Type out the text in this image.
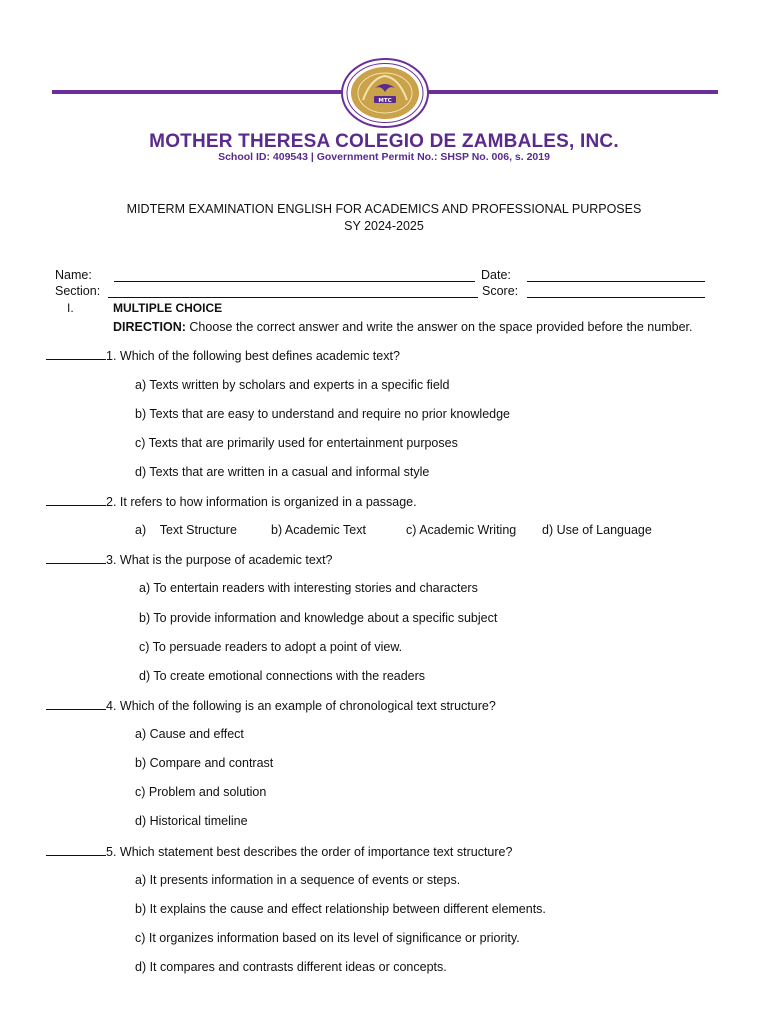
MTC
MOTHER THERESA COLEGIO DE ZAMBALES, INC.
School ID: 409543 | Government Permit No.: SHSP No. 006, s. 2019
MIDTERM EXAMINATION ENGLISH FOR ACADEMICS AND PROFESSIONAL PURPOSES
SY 2024-2025
Name:	Date:
Section:	Score:
I.	MULTIPLE CHOICE
DIRECTION: Choose the correct answer and write the answer on the space provided before the number.
1. Which of the following best defines academic text?
a) Texts written by scholars and experts in a specific field
b) Texts that are easy to understand and require no prior knowledge
c) Texts that are primarily used for entertainment purposes
d) Texts that are written in a casual and informal style
2. It refers to how information is organized in a passage.
a)    Text Structure	b) Academic Text	c) Academic Writing d) Use of Language
3. What is the purpose of academic text?
a) To entertain readers with interesting stories and characters
b) To provide information and knowledge about a specific subject
c) To persuade readers to adopt a point of view.
d) To create emotional connections with the readers
4. Which of the following is an example of chronological text structure?
a) Cause and effect
b) Compare and contrast
c) Problem and solution
d) Historical timeline
5. Which statement best describes the order of importance text structure?
a) It presents information in a sequence of events or steps.
b) It explains the cause and effect relationship between different elements.
c) It organizes information based on its level of significance or priority.
d) It compares and contrasts different ideas or concepts.
